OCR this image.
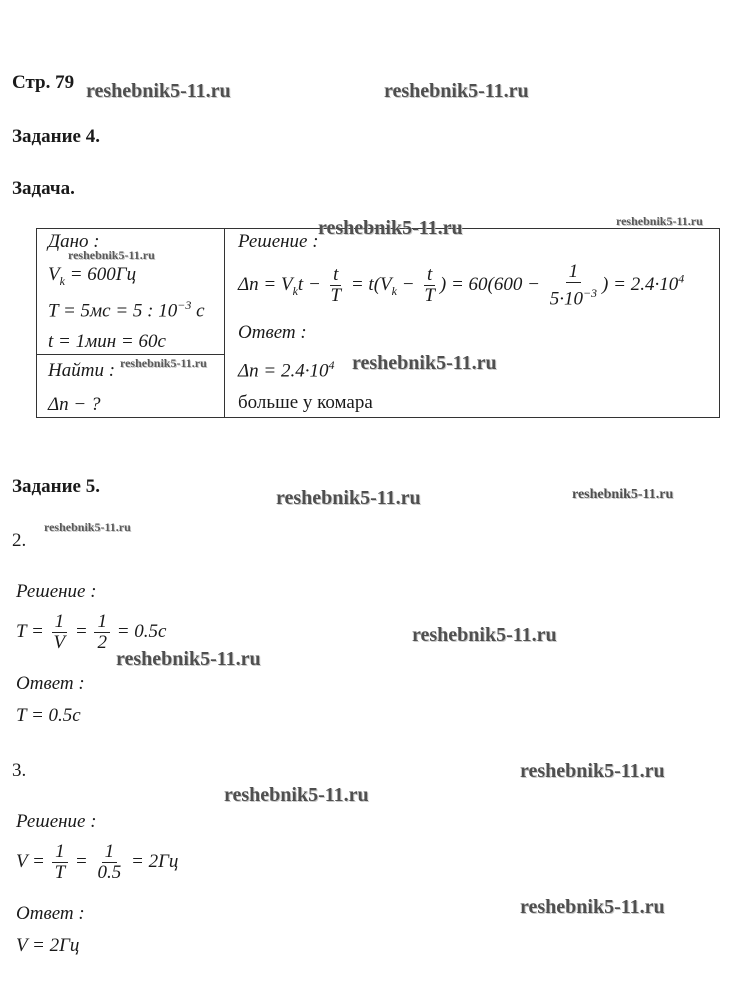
Стр. 79
Задание 4.
Задача.
Дано :
$V_k = 600Гц$
T = 5мс = 5 : $10^{-3}$ с
t = 1мин = 60с
Найти :
Δn − ?
Решение :
$\Delta n = V_kt - \frac{t}{T} = t(V_k - \frac{t}{T}$ ) = $60(600 - \frac{1}{5\cdot 10^{-3}}$ ) = $2.4\cdot 10^4$
Ответ :
$\Delta n = 2.4\cdot 10^4$
больше у комара
Задание 5.
2.
Решение :
$T = \frac{1}{V} = \frac{1}{2} = 0.5с$
Ответ :
T = 0.5с
3.
Решение :
$V = \frac{1}{T} = \frac{1}{0.5} = 2Гц$
Ответ :
V = 2Гц
reshebnik5-11.ru	reshebnik5-11.ru
reshebnik5-11.ru	reshebnik5-11.ru
reshebnik5-11.ru
reshebnik5-11.ru	reshebnik5-11.ru
reshebnik5-11.ru	reshebnik5-11.ru
reshebnik5-11.ru
reshebnik5-11.ru
reshebnik5-11.ru
reshebnik5-11.ru
reshebnik5-11.ru
reshebnik5-11.ru
